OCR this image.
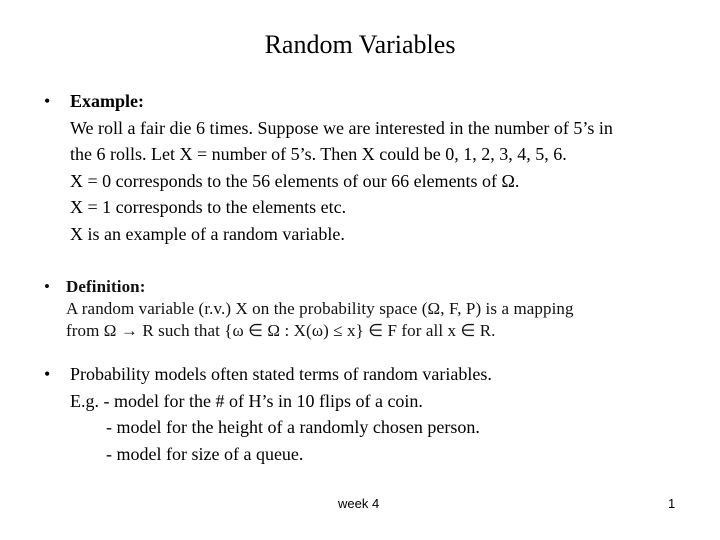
Random Variables
• Example:
We roll a fair die 6 times. Suppose we are interested in the number of 5’s in
the 6 rolls. Let X = number of 5’s. Then X could be 0, 1, 2, 3, 4, 5, 6.
X = 0 corresponds to the 56 elements of our 66 elements of Ω.
X = 1 corresponds to the elements etc.
X is an example of a random variable.
• Definition:
A random variable (r.v.) X on the probability space (Ω, F, P) is a mapping
from Ω → R such that {ω ∈ Ω : X(ω) ≤ x} ∈ F for all x ∈ R.
• Probability models often stated terms of random variables.
E.g. - model for the # of H’s in 10 flips of a coin.
- model for the height of a randomly chosen person.
- model for size of a queue.
week 4	1
